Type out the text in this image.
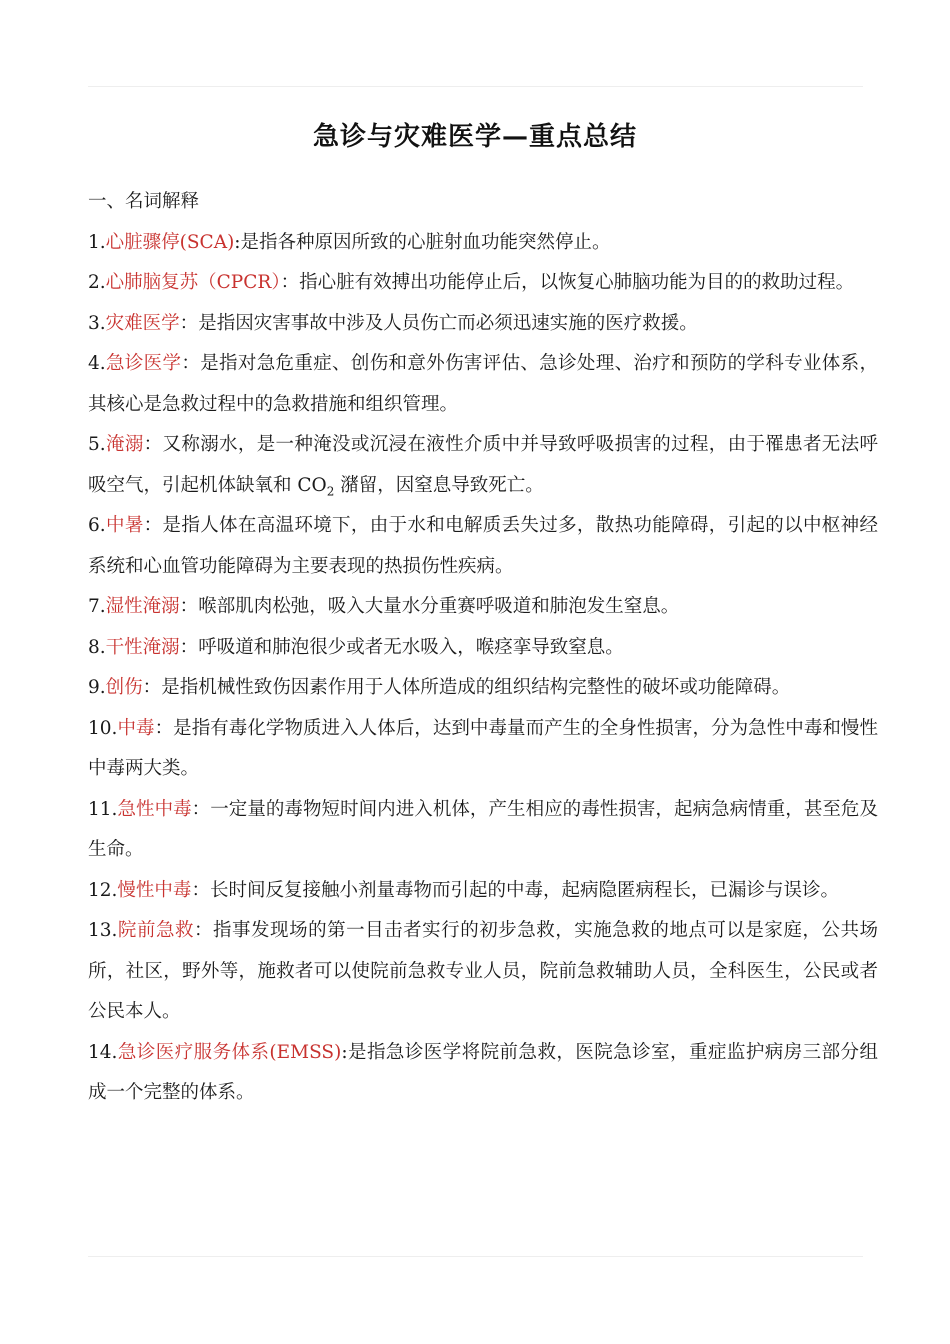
急诊与灾难医学—重点总结

一、名词解释

1.心脏骤停(SCA):是指各种原因所致的心脏射血功能突然停止。

2.心肺脑复苏（CPCR）：指心脏有效搏出功能停止后，以恢复心肺脑功能为目的的救助过程。

3.灾难医学：是指因灾害事故中涉及人员伤亡而必须迅速实施的医疗救援。

4.急诊医学：是指对急危重症、创伤和意外伤害评估、急诊处理、治疗和预防的学科专业体系，其核心是急救过程中的急救措施和组织管理。

5.淹溺：又称溺水，是一种淹没或沉浸在液性介质中并导致呼吸损害的过程，由于罹患者无法呼吸空气，引起机体缺氧和 $CO_2$ 潴留，因窒息导致死亡。

6.中暑：是指人体在高温环境下，由于水和电解质丢失过多，散热功能障碍，引起的以中枢神经系统和心血管功能障碍为主要表现的热损伤性疾病。

7.湿性淹溺：喉部肌肉松弛，吸入大量水分重赛呼吸道和肺泡发生窒息。

8.干性淹溺：呼吸道和肺泡很少或者无水吸入，喉痉挛导致窒息。

9.创伤：是指机械性致伤因素作用于人体所造成的组织结构完整性的破坏或功能障碍。

10.中毒：是指有毒化学物质进入人体后，达到中毒量而产生的全身性损害，分为急性中毒和慢性中毒两大类。

11.急性中毒：一定量的毒物短时间内进入机体，产生相应的毒性损害，起病急病情重，甚至危及生命。

12.慢性中毒：长时间反复接触小剂量毒物而引起的中毒，起病隐匿病程长，已漏诊与误诊。

13.院前急救：指事发现场的第一目击者实行的初步急救，实施急救的地点可以是家庭，公共场所，社区，野外等，施救者可以使院前急救专业人员，院前急救辅助人员，全科医生，公民或者公民本人。

14.急诊医疗服务体系(EMSS):是指急诊医学将院前急救，医院急诊室，重症监护病房三部分组成一个完整的体系。
